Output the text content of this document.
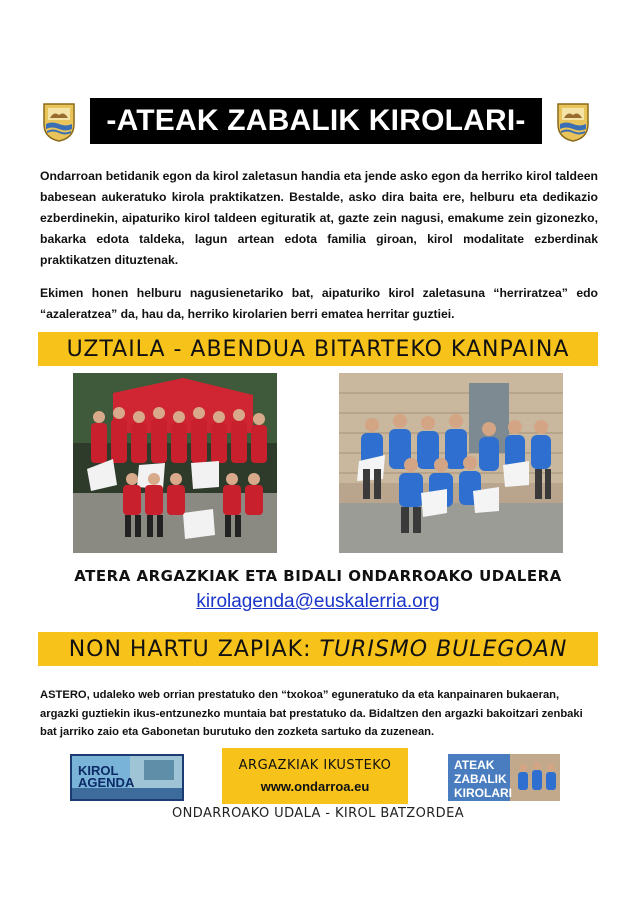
-ATEAK ZABALIK KIROLARI-

Ondarroan betidanik egon da kirol zaletasun handia eta jende asko egon da herriko kirol taldeen babesean aukeratuko kirola praktikatzen. Bestalde, asko dira baita ere, helburu eta dedikazio ezberdinekin, aipaturiko kirol taldeen egituratik at, gazte zein nagusi, emakume zein gizonezko, bakarka edota taldeka, lagun artean edota familia giroan, kirol modalitate ezberdinak praktikatzen dituztenak.

Ekimen honen helburu nagusienetariko bat, aipaturiko kirol zaletasuna “herriratzea” edo “azaleratzea” da, hau da, herriko kirolarien berri ematea herritar guztiei.

UZTAILA - ABENDUA BITARTEKO KANPAINA
ATERA ARGAZKIAK ETA BIDALI ONDARROAKO UDALERA
kirolagenda@euskalerria.org
NON HARTU ZAPIAK: TURISMO BULEGOAN

ASTERO, udaleko web orrian prestatuko den “txokoa” eguneratuko da eta kanpainaren bukaeran, argazki guztiekin ikus-entzunezko muntaia bat prestatuko da. Bidaltzen den argazki bakoitzari zenbaki bat jarriko zaio eta Gabonetan burutuko den zozketa sartuko da zuzenean.

KIROL
AGENDA
ARGAZKIAK IKUSTEKO
www.ondarroa.eu
ATEAK
ZABALIK
KIROLARI
ONDARROAKO UDALA - KIROL BATZORDEA
